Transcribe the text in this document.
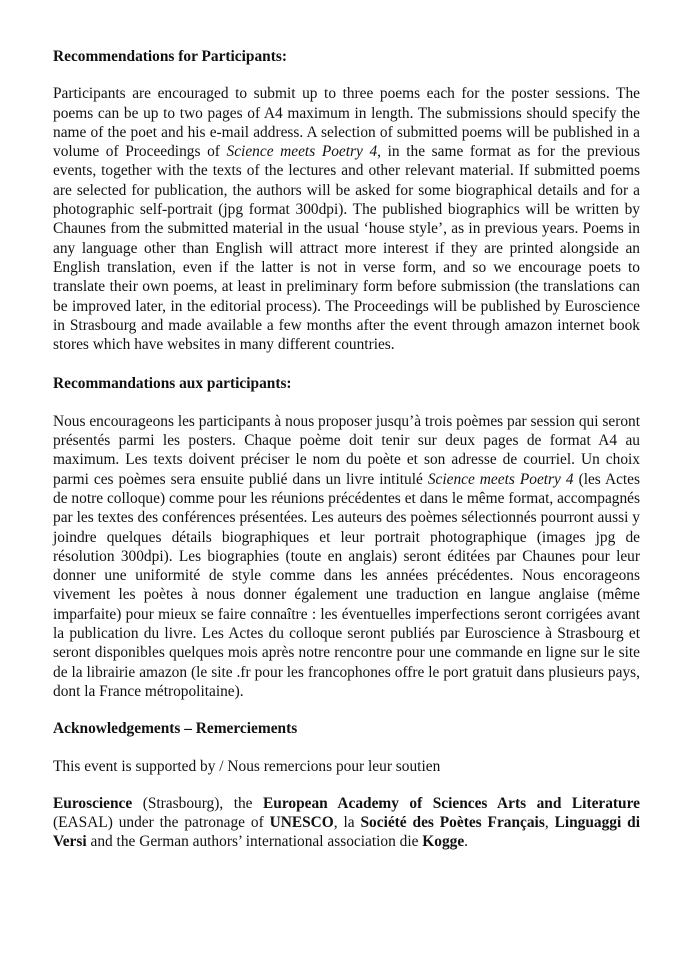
Recommendations for Participants:

Participants are encouraged to submit up to three poems each for the poster sessions. The poems can be up to two pages of A4 maximum in length. The submissions should specify the name of the poet and his e-mail address. A selection of submitted poems will be published in a volume of Proceedings of Science meets Poetry 4, in the same format as for the previous events, together with the texts of the lectures and other relevant material. If submitted poems are selected for publication, the authors will be asked for some biographical details and for a photographic self-portrait (jpg format 300dpi). The published biographics will be written by Chaunes from the submitted material in the usual ‘house style’, as in previous years. Poems in any language other than English will attract more interest if they are printed alongside an English translation, even if the latter is not in verse form, and so we encourage poets to translate their own poems, at least in preliminary form before submission (the translations can be improved later, in the editorial process). The Proceedings will be published by Euroscience in Strasbourg and made available a few months after the event through amazon internet book stores which have websites in many different countries.

Recommandations aux participants:

Nous encourageons les participants à nous proposer jusqu’à trois poèmes par session qui seront présentés parmi les posters. Chaque poème doit tenir sur deux pages de format A4 au maximum. Les texts doivent préciser le nom du poète et son adresse de courriel. Un choix parmi ces poèmes sera ensuite publié dans un livre intitulé Science meets Poetry 4 (les Actes de notre colloque) comme pour les réunions précédentes et dans le même format, accompagnés par les textes des conférences présentées. Les auteurs des poèmes sélectionnés pourront aussi y joindre quelques détails biographiques et leur portrait photographique (images jpg de résolution 300dpi). Les biographies (toute en anglais) seront éditées par Chaunes pour leur donner une uniformité de style comme dans les années précédentes. Nous encorageons vivement les poètes à nous donner également une traduction en langue anglaise (même imparfaite) pour mieux se faire connaître : les éventuelles imperfections seront corrigées avant la publication du livre. Les Actes du colloque seront publiés par Euroscience à Strasbourg et seront disponibles quelques mois après notre rencontre pour une commande en ligne sur le site de la librairie amazon (le site .fr pour les francophones offre le port gratuit dans plusieurs pays, dont la France métropolitaine).

Acknowledgements – Remerciements

This event is supported by / Nous remercions pour leur soutien

Euroscience (Strasbourg), the European Academy of Sciences Arts and Literature (EASAL) under the patronage of UNESCO, la Société des Poètes Français, Linguaggi di Versi and the German authors’ international association die Kogge.
